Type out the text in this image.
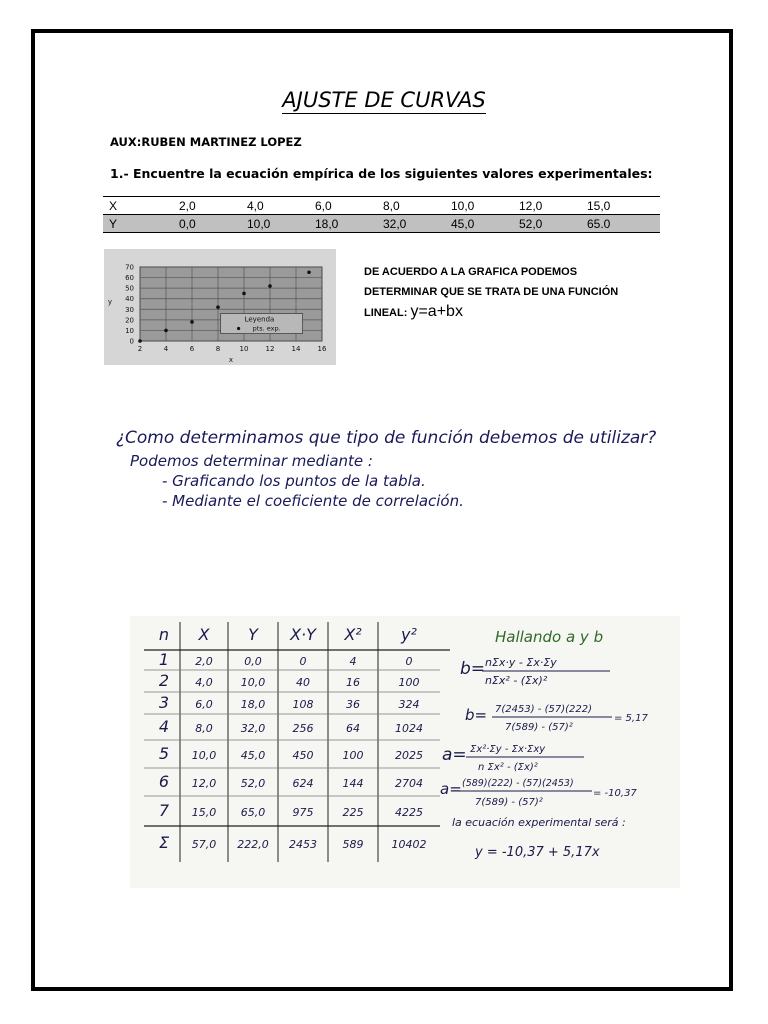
AJUSTE DE CURVAS
AUX:RUBEN MARTINEZ LOPEZ
1.- Encuentre la ecuación empírica de los siguientes valores experimentales:
X	2,0	4,0	6,0	8,0	10,0	12,0	15,0
Y	0,0	10,0	18,0	32,0	45,0	52,0	65.0
2	4	6	8	10 12 14 16
0
10
20
30
40
50
60
70
x
y
Leyenda
pts. exp.
DE ACUERDO A LA GRAFICA PODEMOS
DETERMINAR QUE SE TRATA DE UNA FUNCIÓN
LINEAL: y=a+bx
¿Como determinamos que tipo de función debemos de utilizar?
Podemos determinar mediante :
- Graficando los puntos de la tabla.
- Mediante el coeficiente de correlación.
n X Y X·Y X² y²
1 2,0	0,0	0	4	0
2 4,0	10,0	40	16	100
3 6,0	18,0 108	36	324
4 8,0	32,0 256	64	1024
5 10,0 45,0 450	100	2025
6 12,0 52,0 624	144	2704
7 15,0 65,0 975	225	4225
Σ 57,0 222,0 2453 589	10402
Hallando a y b
b= nΣx·y - Σx·Σy
nΣx² - (Σx)²
b= 7(2453) - (57)(222)
7(589) - (57)²
= 5,17
a= Σx²·Σy - Σx·Σxy
n Σx² - (Σx)²
a= (589)(222) - (57)(2453)
7(589) - (57)²
= -10,37
la ecuación experimental será :
y = -10,37 + 5,17x
